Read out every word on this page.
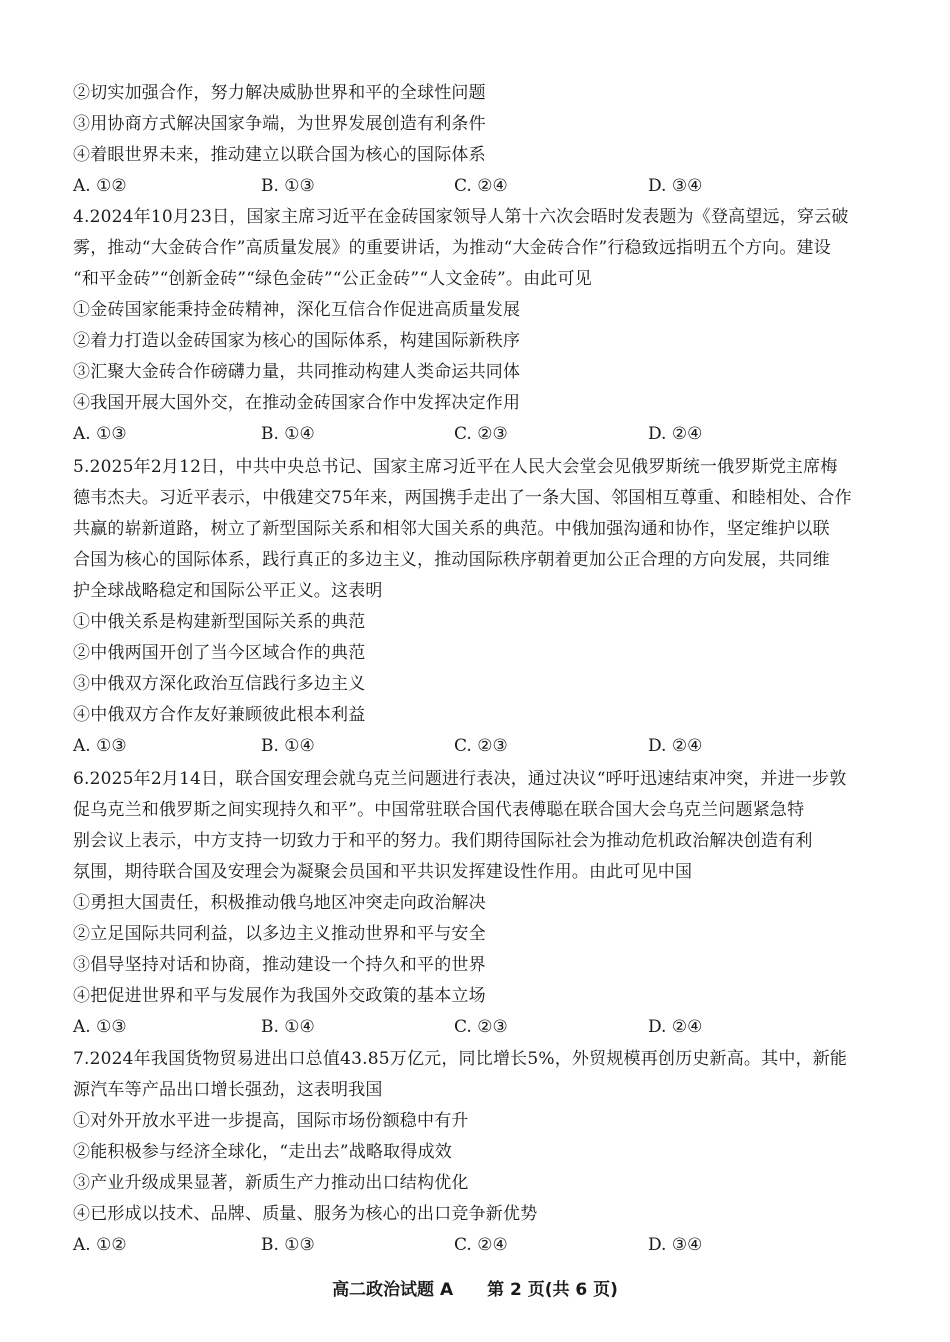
②切实加强合作，努力解决威胁世界和平的全球性问题
③用协商方式解决国家争端，为世界发展创造有利条件
④着眼世界未来，推动建立以联合国为核心的国际体系
A. ①②	B. ①③	C. ②④	D. ③④
4.2024年10月23日，国家主席习近平在金砖国家领导人第十六次会晤时发表题为《登高望远，穿云破
雾，推动“大金砖合作”高质量发展》的重要讲话，为推动“大金砖合作”行稳致远指明五个方向。建设
“和平金砖”“创新金砖”“绿色金砖”“公正金砖”“人文金砖”。由此可见
①金砖国家能秉持金砖精神，深化互信合作促进高质量发展
②着力打造以金砖国家为核心的国际体系，构建国际新秩序
③汇聚大金砖合作磅礴力量，共同推动构建人类命运共同体
④我国开展大国外交，在推动金砖国家合作中发挥决定作用
A. ①③	B. ①④	C. ②③	D. ②④
5.2025年2月12日，中共中央总书记、国家主席习近平在人民大会堂会见俄罗斯统一俄罗斯党主席梅
德韦杰夫。习近平表示，中俄建交75年来，两国携手走出了一条大国、邻国相互尊重、和睦相处、合作
共赢的崭新道路，树立了新型国际关系和相邻大国关系的典范。中俄加强沟通和协作，坚定维护以联
合国为核心的国际体系，践行真正的多边主义，推动国际秩序朝着更加公正合理的方向发展，共同维
护全球战略稳定和国际公平正义。这表明
①中俄关系是构建新型国际关系的典范
②中俄两国开创了当今区域合作的典范
③中俄双方深化政治互信践行多边主义
④中俄双方合作友好兼顾彼此根本利益
A. ①③	B. ①④	C. ②③	D. ②④
6.2025年2月14日，联合国安理会就乌克兰问题进行表决，通过决议“呼吁迅速结束冲突，并进一步敦
促乌克兰和俄罗斯之间实现持久和平”。中国常驻联合国代表傅聪在联合国大会乌克兰问题紧急特
别会议上表示，中方支持一切致力于和平的努力。我们期待国际社会为推动危机政治解决创造有利
氛围，期待联合国及安理会为凝聚会员国和平共识发挥建设性作用。由此可见中国
①勇担大国责任，积极推动俄乌地区冲突走向政治解决
②立足国际共同利益，以多边主义推动世界和平与安全
③倡导坚持对话和协商，推动建设一个持久和平的世界
④把促进世界和平与发展作为我国外交政策的基本立场
A. ①③	B. ①④	C. ②③	D. ②④
7.2024年我国货物贸易进出口总值43.85万亿元，同比增长5%，外贸规模再创历史新高。其中，新能
源汽车等产品出口增长强劲，这表明我国
①对外开放水平进一步提高，国际市场份额稳中有升
②能积极参与经济全球化，“走出去”战略取得成效
③产业升级成果显著，新质生产力推动出口结构优化
④已形成以技术、品牌、质量、服务为核心的出口竞争新优势
A. ①②	B. ①③	C. ②④	D. ③④
高二政治试题 A 第 2 页(共 6 页)
